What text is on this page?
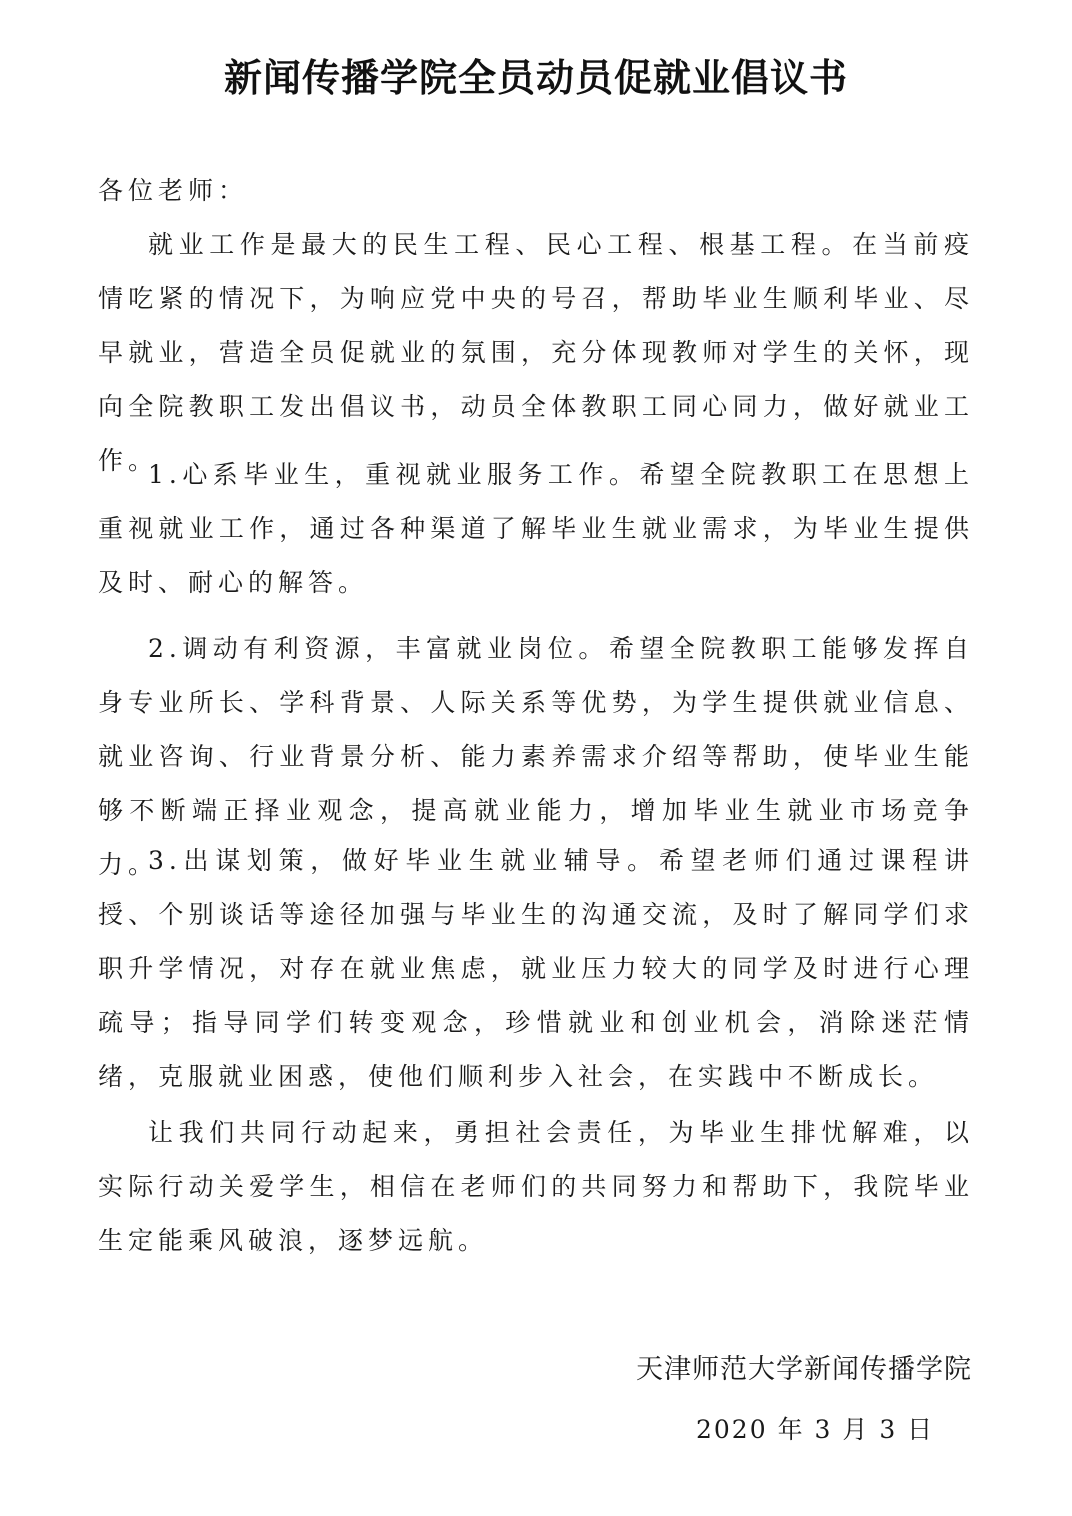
新闻传播学院全员动员促就业倡议书
各位老师：

就业工作是最大的民生工程、民心工程、根基工程。在当前疫情吃紧的情况下，为响应党中央的号召，帮助毕业生顺利毕业、尽早就业，营造全员促就业的氛围，充分体现教师对学生的关怀，现向全院教职工发出倡议书，动员全体教职工同心同力，做好就业工作。

1.心系毕业生，重视就业服务工作。希望全院教职工在思想上重视就业工作，通过各种渠道了解毕业生就业需求，为毕业生提供及时、耐心的解答。

2.调动有利资源，丰富就业岗位。希望全院教职工能够发挥自身专业所长、学科背景、人际关系等优势，为学生提供就业信息、就业咨询、行业背景分析、能力素养需求介绍等帮助，使毕业生能够不断端正择业观念，提高就业能力，增加毕业生就业市场竞争力。

3.出谋划策，做好毕业生就业辅导。希望老师们通过课程讲授、个别谈话等途径加强与毕业生的沟通交流，及时了解同学们求职升学情况，对存在就业焦虑，就业压力较大的同学及时进行心理疏导；指导同学们转变观念，珍惜就业和创业机会，消除迷茫情绪，克服就业困惑，使他们顺利步入社会，在实践中不断成长。

让我们共同行动起来，勇担社会责任，为毕业生排忧解难，以实际行动关爱学生，相信在老师们的共同努力和帮助下，我院毕业生定能乘风破浪，逐梦远航。

天津师范大学新闻传播学院
2020 年 3 月 3 日
